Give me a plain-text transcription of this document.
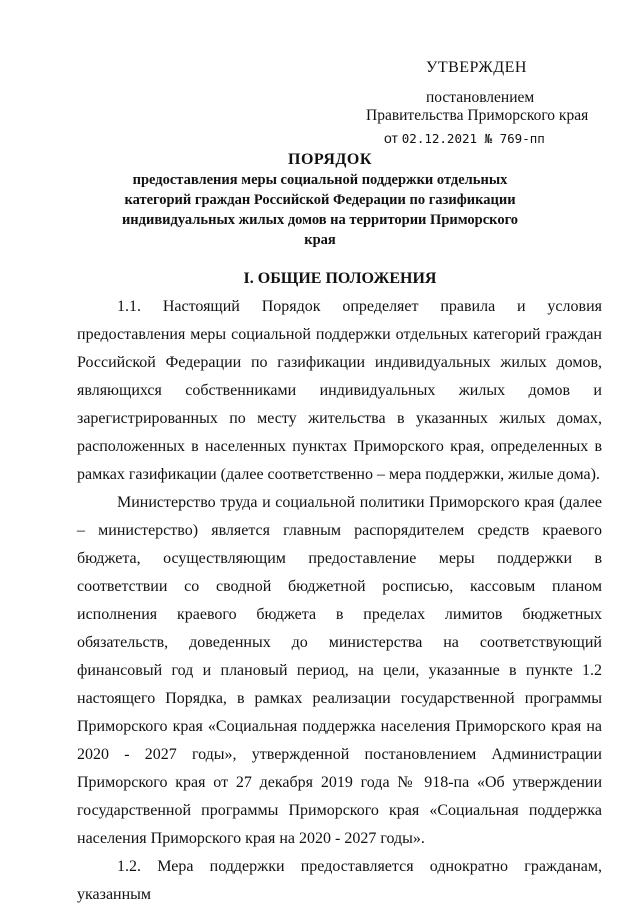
УТВЕРЖДЕН
постановлением
Правительства Приморского края
от 02.12.2021 № 769-пп
ПОРЯДОК
предоставления меры социальной поддержки отдельных категорий граждан Российской Федерации по газификации индивидуальных жилых домов на территории Приморского края
I. ОБЩИЕ ПОЛОЖЕНИЯ

1.1. Настоящий Порядок определяет правила и условия предоставления меры социальной поддержки отдельных категорий граждан Российской Федерации по газификации индивидуальных жилых домов, являющихся собственниками индивидуальных жилых домов и зарегистрированных по месту жительства в указанных жилых домах, расположенных в населенных пунктах Приморского края, определенных в рамках газификации (далее соответственно – мера поддержки, жилые дома).

Министерство труда и социальной политики Приморского края (далее – министерство) является главным распорядителем средств краевого бюджета, осуществляющим предоставление меры поддержки в соответствии со сводной бюджетной росписью, кассовым планом исполнения краевого бюджета в пределах лимитов бюджетных обязательств, доведенных до министерства на соответствующий финансовый год и плановый период, на цели, указанные в пункте 1.2 настоящего Порядка, в рамках реализации государственной программы Приморского края «Социальная поддержка населения Приморского края на 2020 - 2027 годы», утвержденной постановлением Администрации Приморского края от 27 декабря 2019 года № 918-па «Об утверждении государственной программы Приморского края «Социальная поддержка населения Приморского края на 2020 - 2027 годы».

1.2. Мера поддержки предоставляется однократно гражданам, указанным
